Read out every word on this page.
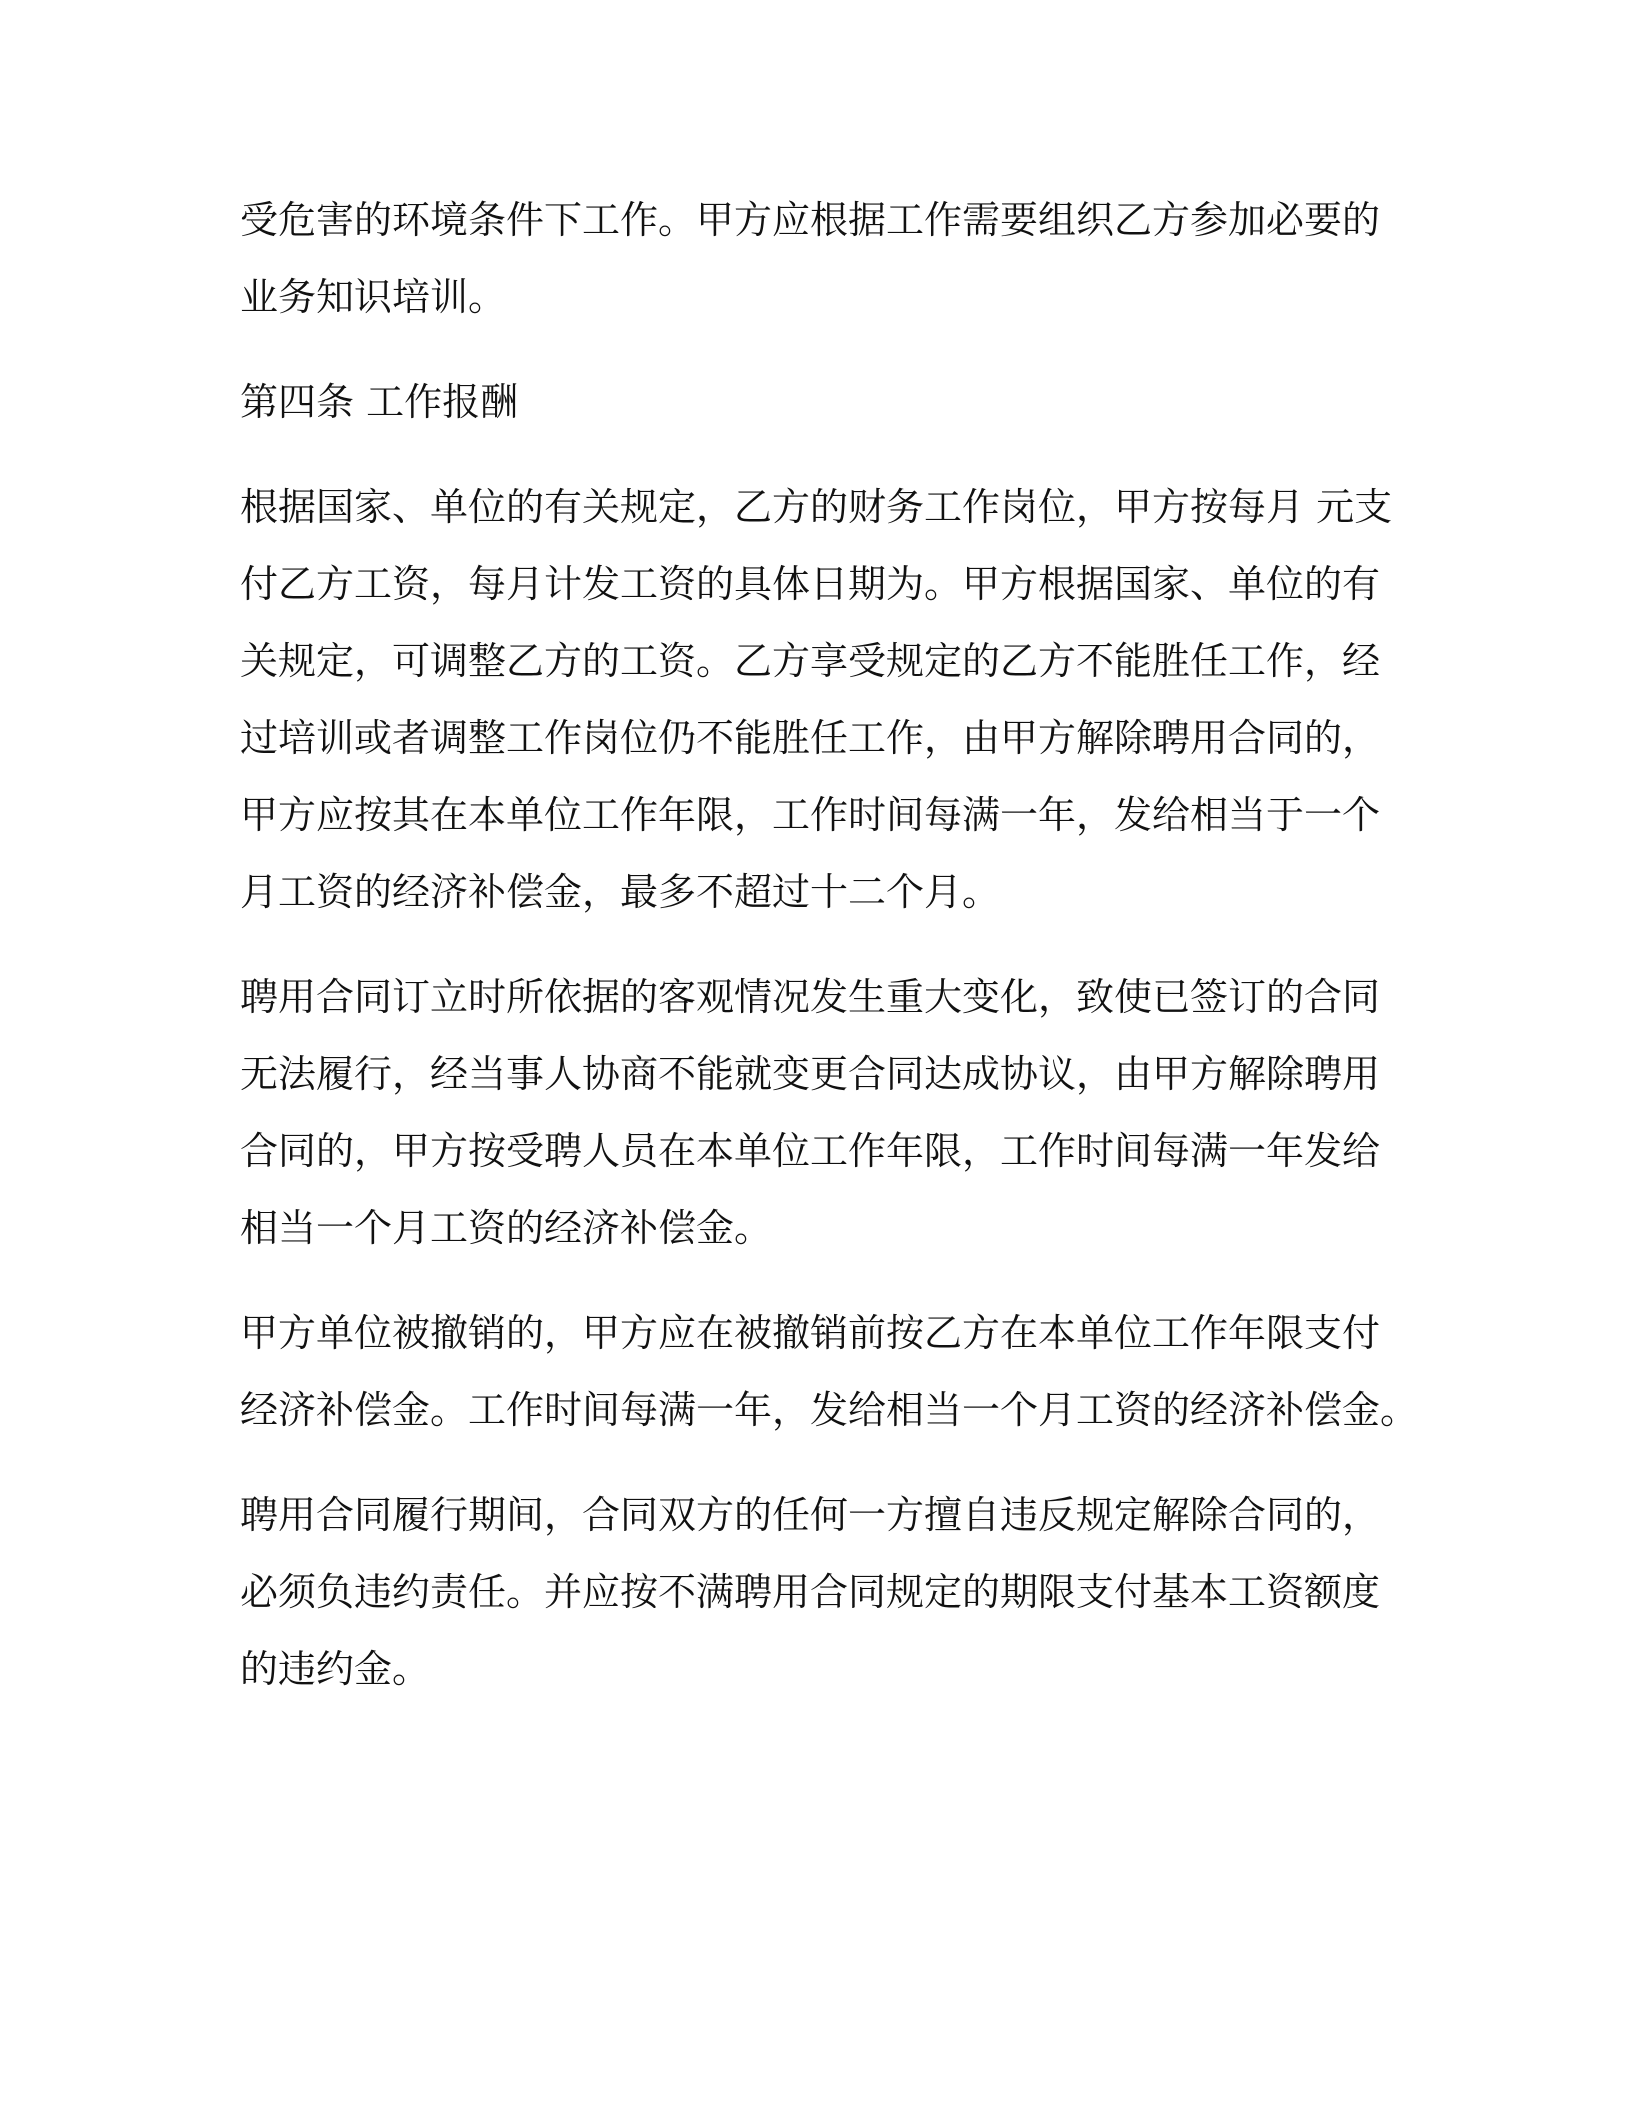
受危害的环境条件下工作。甲方应根据工作需要组织乙方参加必要的
业务知识培训。

第四条 工作报酬

根据国家、单位的有关规定，乙方的财务工作岗位，甲方按每月 元支
付乙方工资，每月计发工资的具体日期为。甲方根据国家、单位的有
关规定，可调整乙方的工资。乙方享受规定的乙方不能胜任工作，经
过培训或者调整工作岗位仍不能胜任工作，由甲方解除聘用合同的，
甲方应按其在本单位工作年限，工作时间每满一年，发给相当于一个
月工资的经济补偿金，最多不超过十二个月。

聘用合同订立时所依据的客观情况发生重大变化，致使已签订的合同
无法履行，经当事人协商不能就变更合同达成协议，由甲方解除聘用
合同的，甲方按受聘人员在本单位工作年限，工作时间每满一年发给
相当一个月工资的经济补偿金。

甲方单位被撤销的，甲方应在被撤销前按乙方在本单位工作年限支付
经济补偿金。工作时间每满一年，发给相当一个月工资的经济补偿金。

聘用合同履行期间，合同双方的任何一方擅自违反规定解除合同的，
必须负违约责任。并应按不满聘用合同规定的期限支付基本工资额度
的违约金。
